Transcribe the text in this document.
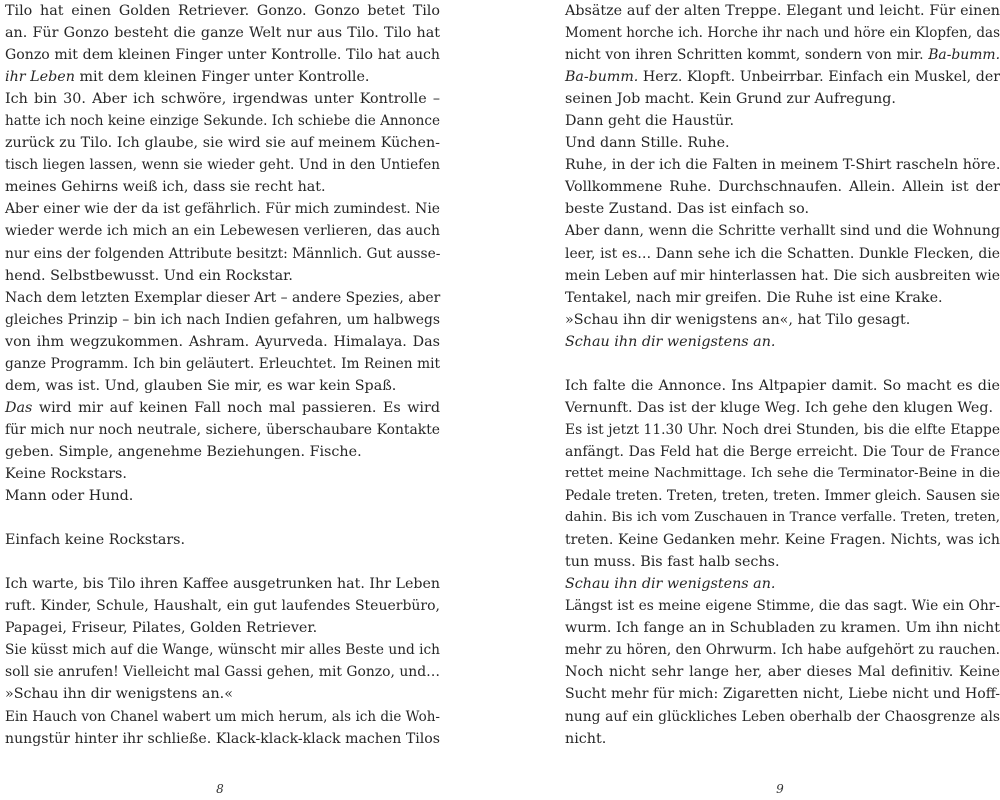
Tilo hat einen Golden Retriever. Gonzo. Gonzo betet Tilo
an. Für Gonzo besteht die ganze Welt nur aus Tilo. Tilo hat
Gonzo mit dem kleinen Finger unter Kontrolle. Tilo hat auch
ihr Leben mit dem kleinen Finger unter Kontrolle.
Ich bin 30. Aber ich schwöre, irgendwas unter Kontrolle –
hatte ich noch keine einzige Sekunde. Ich schiebe die Annonce
zurück zu Tilo. Ich glaube, sie wird sie auf meinem Küchen-
tisch liegen lassen, wenn sie wieder geht. Und in den Untiefen
meines Gehirns weiß ich, dass sie recht hat.
Aber einer wie der da ist gefährlich. Für mich zumindest. Nie
wieder werde ich mich an ein Lebewesen verlieren, das auch
nur eins der folgenden Attribute besitzt: Männlich. Gut ausse-
hend. Selbstbewusst. Und ein Rockstar.
Nach dem letzten Exemplar dieser Art – andere Spezies, aber
gleiches Prinzip – bin ich nach Indien gefahren, um halbwegs
von ihm wegzukommen. Ashram. Ayurveda. Himalaya. Das
ganze Programm. Ich bin geläutert. Erleuchtet. Im Reinen mit
dem, was ist. Und, glauben Sie mir, es war kein Spaß.
Das wird mir auf keinen Fall noch mal passieren. Es wird
für mich nur noch neutrale, sichere, überschaubare Kontakte
geben. Simple, angenehme Beziehungen. Fische.
Keine Rockstars.
Mann oder Hund.
Einfach keine Rockstars.
Ich warte, bis Tilo ihren Kaffee ausgetrunken hat. Ihr Leben
ruft. Kinder, Schule, Haushalt, ein gut laufendes Steuerbüro,
Papagei, Friseur, Pilates, Golden Retriever.
Sie küsst mich auf die Wange, wünscht mir alles Beste und ich
soll sie anrufen! Vielleicht mal Gassi gehen, mit Gonzo, und…
»Schau ihn dir wenigstens an.«
Ein Hauch von Chanel wabert um mich herum, als ich die Woh-
nungstür hinter ihr schließe. Klack-klack-klack machen Tilos
8
Absätze auf der alten Treppe. Elegant und leicht. Für einen
Moment horche ich. Horche ihr nach und höre ein Klopfen, das
nicht von ihren Schritten kommt, sondern von mir. Ba-bumm.
Ba-bumm. Herz. Klopft. Unbeirrbar. Einfach ein Muskel, der
seinen Job macht. Kein Grund zur Aufregung.
Dann geht die Haustür.
Und dann Stille. Ruhe.
Ruhe, in der ich die Falten in meinem T-Shirt rascheln höre.
Vollkommene Ruhe. Durchschnaufen. Allein. Allein ist der
beste Zustand. Das ist einfach so.
Aber dann, wenn die Schritte verhallt sind und die Wohnung
leer, ist es… Dann sehe ich die Schatten. Dunkle Flecken, die
mein Leben auf mir hinterlassen hat. Die sich ausbreiten wie
Tentakel, nach mir greifen. Die Ruhe ist eine Krake.
»Schau ihn dir wenigstens an«, hat Tilo gesagt.
Schau ihn dir wenigstens an.
Ich falte die Annonce. Ins Altpapier damit. So macht es die
Vernunft. Das ist der kluge Weg. Ich gehe den klugen Weg.
Es ist jetzt 11.30 Uhr. Noch drei Stunden, bis die elfte Etappe
anfängt. Das Feld hat die Berge erreicht. Die Tour de France
rettet meine Nachmittage. Ich sehe die Terminator-Beine in die
Pedale treten. Treten, treten, treten. Immer gleich. Sausen sie
dahin. Bis ich vom Zuschauen in Trance verfalle. Treten, treten,
treten. Keine Gedanken mehr. Keine Fragen. Nichts, was ich
tun muss. Bis fast halb sechs.
Schau ihn dir wenigstens an.
Längst ist es meine eigene Stimme, die das sagt. Wie ein Ohr-
wurm. Ich fange an in Schubladen zu kramen. Um ihn nicht
mehr zu hören, den Ohrwurm. Ich habe aufgehört zu rauchen.
Noch nicht sehr lange her, aber dieses Mal definitiv. Keine
Sucht mehr für mich: Zigaretten nicht, Liebe nicht und Hoff-
nung auf ein glückliches Leben oberhalb der Chaosgrenze als
nicht.
9
